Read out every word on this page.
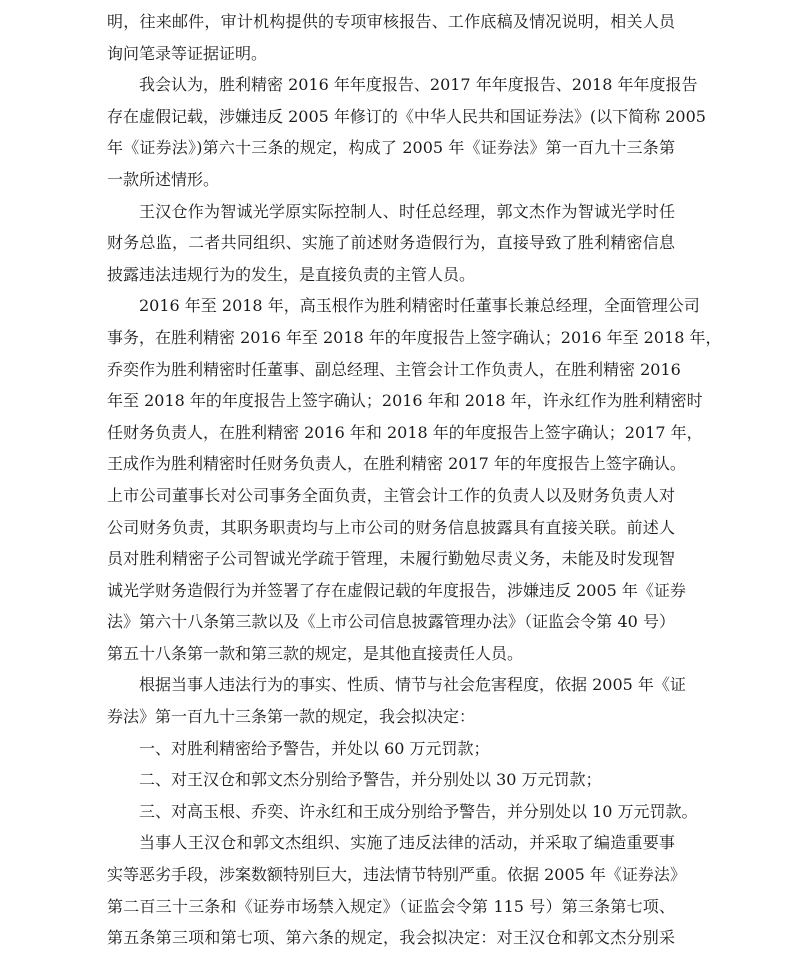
明，往来邮件，审计机构提供的专项审核报告、工作底稿及情况说明，相关人员
询问笔录等证据证明。
我会认为，胜利精密 2016 年年度报告、2017 年年度报告、2018 年年度报告
存在虚假记载，涉嫌违反 2005 年修订的《中华人民共和国证券法》(以下简称 2005
年《证券法》)第六十三条的规定，构成了 2005 年《证券法》第一百九十三条第
一款所述情形。
王汉仓作为智诚光学原实际控制人、时任总经理，郭文杰作为智诚光学时任
财务总监，二者共同组织、实施了前述财务造假行为，直接导致了胜利精密信息
披露违法违规行为的发生，是直接负责的主管人员。
2016 年至 2018 年，高玉根作为胜利精密时任董事长兼总经理，全面管理公司
事务，在胜利精密 2016 年至 2018 年的年度报告上签字确认；2016 年至 2018 年，
乔奕作为胜利精密时任董事、副总经理、主管会计工作负责人，在胜利精密 2016
年至 2018 年的年度报告上签字确认；2016 年和 2018 年，许永红作为胜利精密时
任财务负责人，在胜利精密 2016 年和 2018 年的年度报告上签字确认；2017 年，
王成作为胜利精密时任财务负责人，在胜利精密 2017 年的年度报告上签字确认。
上市公司董事长对公司事务全面负责，主管会计工作的负责人以及财务负责人对
公司财务负责，其职务职责均与上市公司的财务信息披露具有直接关联。前述人
员对胜利精密子公司智诚光学疏于管理，未履行勤勉尽责义务，未能及时发现智
诚光学财务造假行为并签署了存在虚假记载的年度报告，涉嫌违反 2005 年《证券
法》第六十八条第三款以及《上市公司信息披露管理办法》（证监会令第 40 号）
第五十八条第一款和第三款的规定，是其他直接责任人员。
根据当事人违法行为的事实、性质、情节与社会危害程度，依据 2005 年《证
券法》第一百九十三条第一款的规定，我会拟决定：
一、对胜利精密给予警告，并处以 60 万元罚款；
二、对王汉仓和郭文杰分别给予警告，并分别处以 30 万元罚款；
三、对高玉根、乔奕、许永红和王成分别给予警告，并分别处以 10 万元罚款。
当事人王汉仓和郭文杰组织、实施了违反法律的活动，并采取了编造重要事
实等恶劣手段，涉案数额特别巨大，违法情节特别严重。依据 2005 年《证券法》
第二百三十三条和《证券市场禁入规定》（证监会令第 115 号）第三条第七项、
第五条第三项和第七项、第六条的规定，我会拟决定：对王汉仓和郭文杰分别采
